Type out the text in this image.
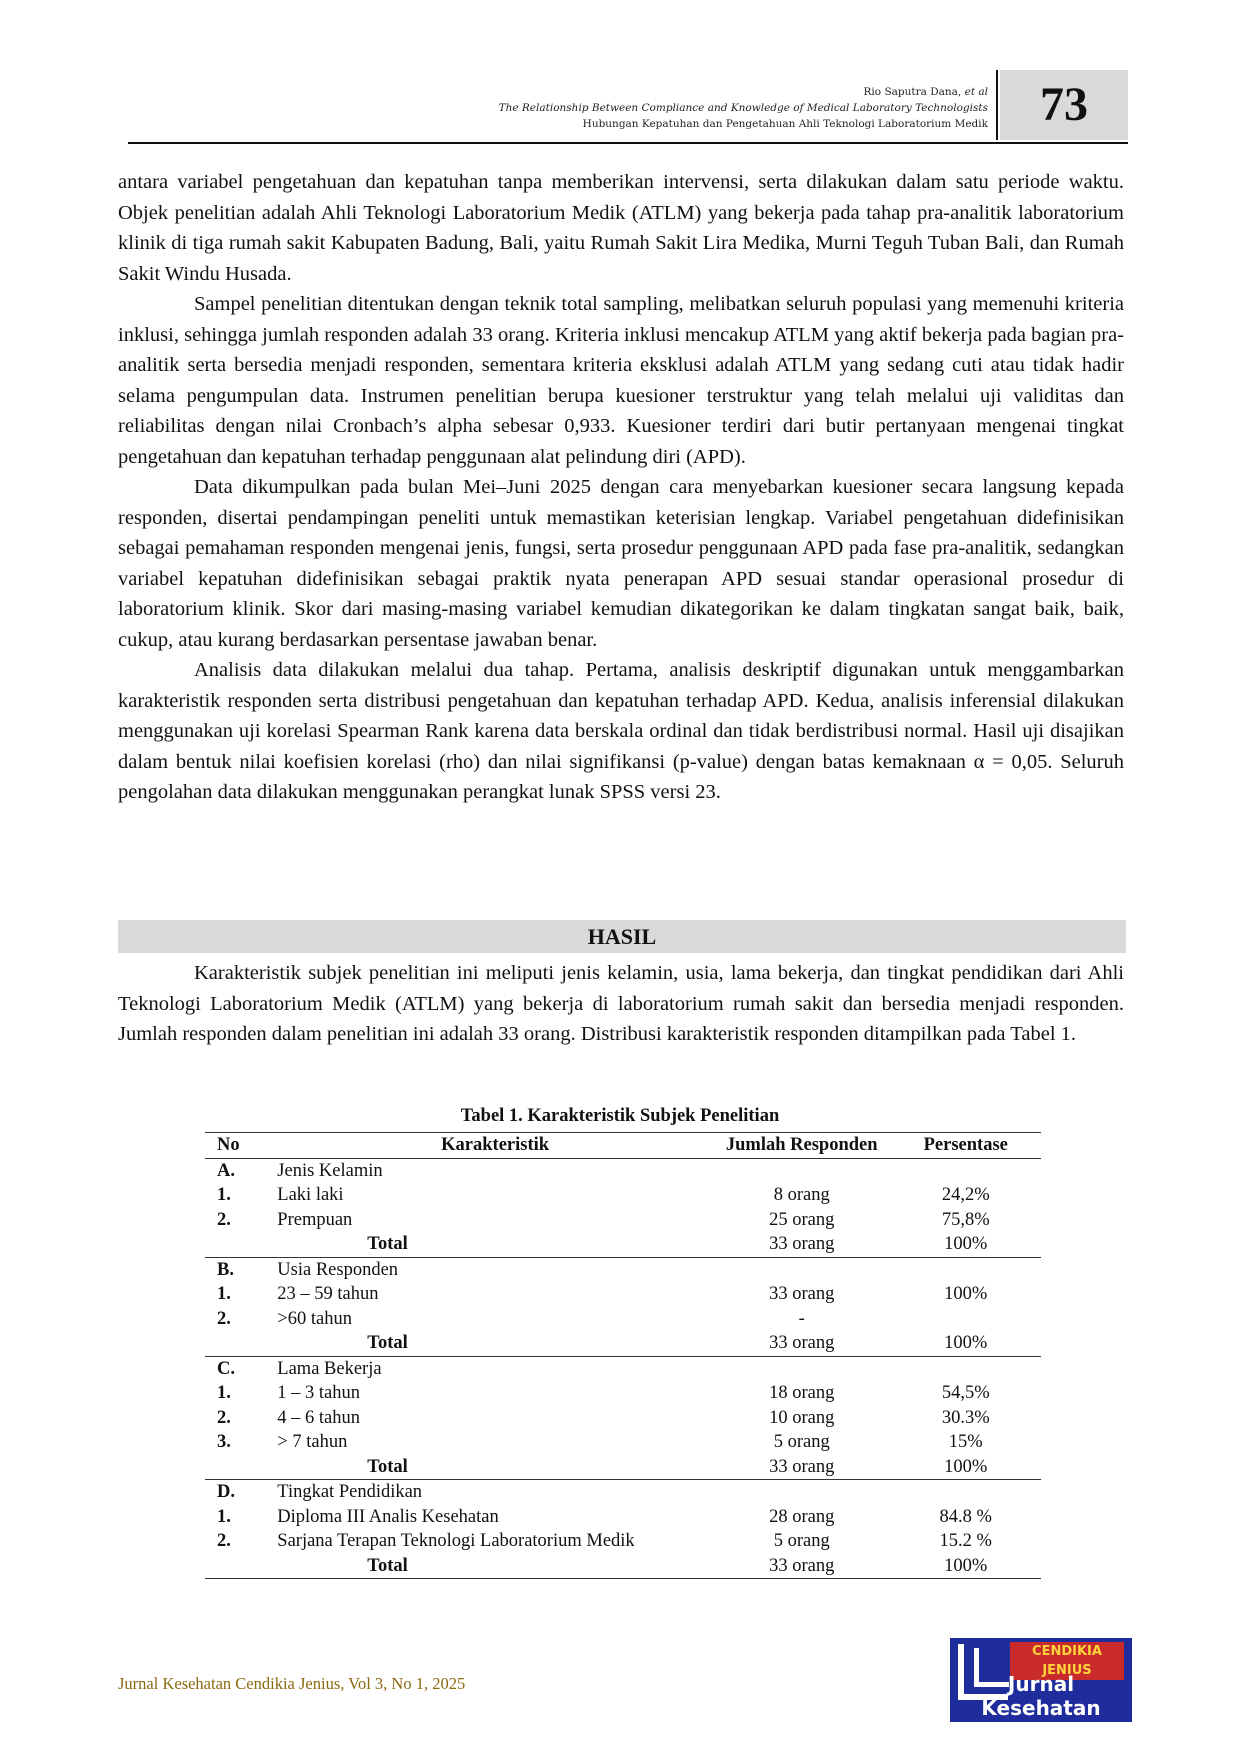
Rio Saputra Dana, et al
The Relationship Between Compliance and Knowledge of Medical Laboratory Technologists
Hubungan Kepatuhan dan Pengetahuan Ahli Teknologi Laboratorium Medik	73

antara variabel pengetahuan dan kepatuhan tanpa memberikan intervensi, serta dilakukan dalam satu periode waktu. Objek penelitian adalah Ahli Teknologi Laboratorium Medik (ATLM) yang bekerja pada tahap pra-analitik laboratorium klinik di tiga rumah sakit Kabupaten Badung, Bali, yaitu Rumah Sakit Lira Medika, Murni Teguh Tuban Bali, dan Rumah Sakit Windu Husada.

Sampel penelitian ditentukan dengan teknik total sampling, melibatkan seluruh populasi yang memenuhi kriteria inklusi, sehingga jumlah responden adalah 33 orang. Kriteria inklusi mencakup ATLM yang aktif bekerja pada bagian pra-analitik serta bersedia menjadi responden, sementara kriteria eksklusi adalah ATLM yang sedang cuti atau tidak hadir selama pengumpulan data. Instrumen penelitian berupa kuesioner terstruktur yang telah melalui uji validitas dan reliabilitas dengan nilai Cronbach’s alpha sebesar 0,933. Kuesioner terdiri dari butir pertanyaan mengenai tingkat pengetahuan dan kepatuhan terhadap penggunaan alat pelindung diri (APD).

Data dikumpulkan pada bulan Mei–Juni 2025 dengan cara menyebarkan kuesioner secara langsung kepada responden, disertai pendampingan peneliti untuk memastikan keterisian lengkap. Variabel pengetahuan didefinisikan sebagai pemahaman responden mengenai jenis, fungsi, serta prosedur penggunaan APD pada fase pra-analitik, sedangkan variabel kepatuhan didefinisikan sebagai praktik nyata penerapan APD sesuai standar operasional prosedur di laboratorium klinik. Skor dari masing-masing variabel kemudian dikategorikan ke dalam tingkatan sangat baik, baik, cukup, atau kurang berdasarkan persentase jawaban benar.

Analisis data dilakukan melalui dua tahap. Pertama, analisis deskriptif digunakan untuk menggambarkan karakteristik responden serta distribusi pengetahuan dan kepatuhan terhadap APD. Kedua, analisis inferensial dilakukan menggunakan uji korelasi Spearman Rank karena data berskala ordinal dan tidak berdistribusi normal. Hasil uji disajikan dalam bentuk nilai koefisien korelasi (rho) dan nilai signifikansi (p-value) dengan batas kemaknaan α = 0,05. Seluruh pengolahan data dilakukan menggunakan perangkat lunak SPSS versi 23.

HASIL

Karakteristik subjek penelitian ini meliputi jenis kelamin, usia, lama bekerja, dan tingkat pendidikan dari Ahli Teknologi Laboratorium Medik (ATLM) yang bekerja di laboratorium rumah sakit dan bersedia menjadi responden. Jumlah responden dalam penelitian ini adalah 33 orang. Distribusi karakteristik responden ditampilkan pada Tabel 1.

Tabel 1. Karakteristik Subjek Penelitian
No	Karakteristik	Jumlah Responden	Persentase
A.	Jenis Kelamin		
1.	Laki laki	8 orang	24,2%
2.	Prempuan	25 orang	75,8%
	Total	33 orang	100%
B.	Usia Responden		
1.	23 – 59 tahun	33 orang	100%
2.	>60 tahun	-	
	Total	33 orang	100%
C.	Lama Bekerja		
1.	1 – 3 tahun	18 orang	54,5%
2.	4 – 6 tahun	10 orang	30.3%
3.	> 7 tahun	5 orang	15%
	Total	33 orang	100%
D.	Tingkat Pendidikan		
1.	Diploma III Analis Kesehatan	28 orang	84.8 %
2.	Sarjana Terapan Teknologi Laboratorium Medik	5 orang	15.2 %
	Total	33 orang	100%
Jurnal Kesehatan Cendikia Jenius, Vol 3, No 1, 2025
CENDIKIA JENIUS
Jurnal Kesehatan
